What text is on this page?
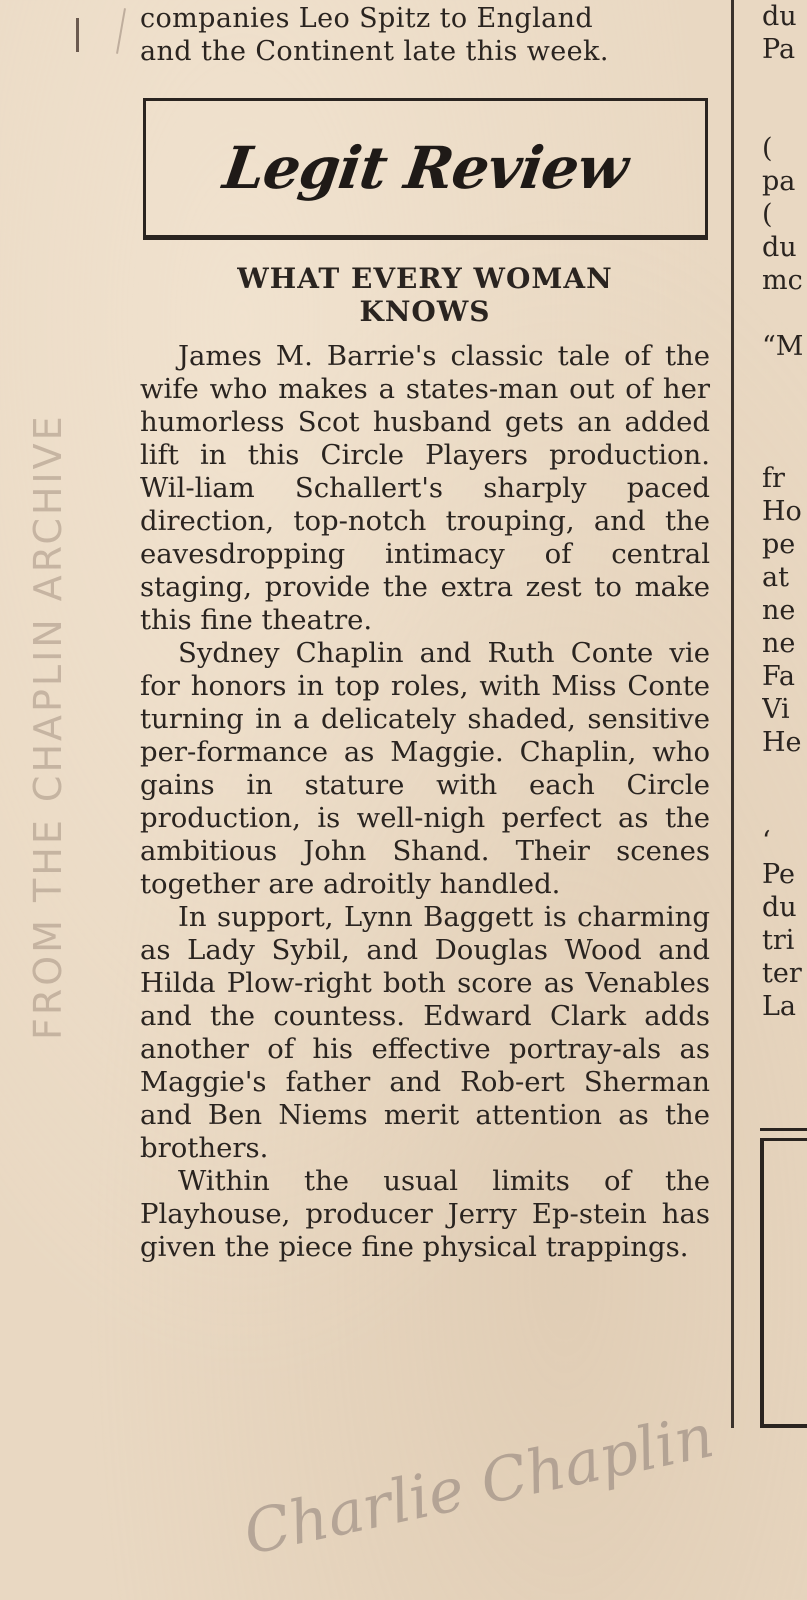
FROM THE CHAPLIN ARCHIVE
companies Leo Spitz to England
and the Continent late this week.
Legit Review
WHAT EVERY WOMAN
KNOWS

James M. Barrie's classic tale of the wife who makes a states-man out of her humorless Scot husband gets an added lift in this Circle Players production. Wil-liam Schallert's sharply paced direction, top-notch trouping, and the eavesdropping intimacy of central staging, provide the extra zest to make this fine theatre.

Sydney Chaplin and Ruth Conte vie for honors in top roles, with Miss Conte turning in a delicately shaded, sensitive per-formance as Maggie. Chaplin, who gains in stature with each Circle production, is well-nigh perfect as the ambitious John Shand. Their scenes together are adroitly handled.

In support, Lynn Baggett is charming as Lady Sybil, and Douglas Wood and Hilda Plow-right both score as Venables and the countess. Edward Clark adds another of his effective portray-als as Maggie's father and Rob-ert Sherman and Ben Niems merit attention as the brothers.

Within the usual limits of the Playhouse, producer Jerry Ep-stein has given the piece fine physical trappings.

Charlie Chaplin
du
Pa
(
pa
(
du
mc
“M
fr
Ho
pe
at
ne
ne
Fa
Vi
He
‘
Pe
du
tri
ter
La
